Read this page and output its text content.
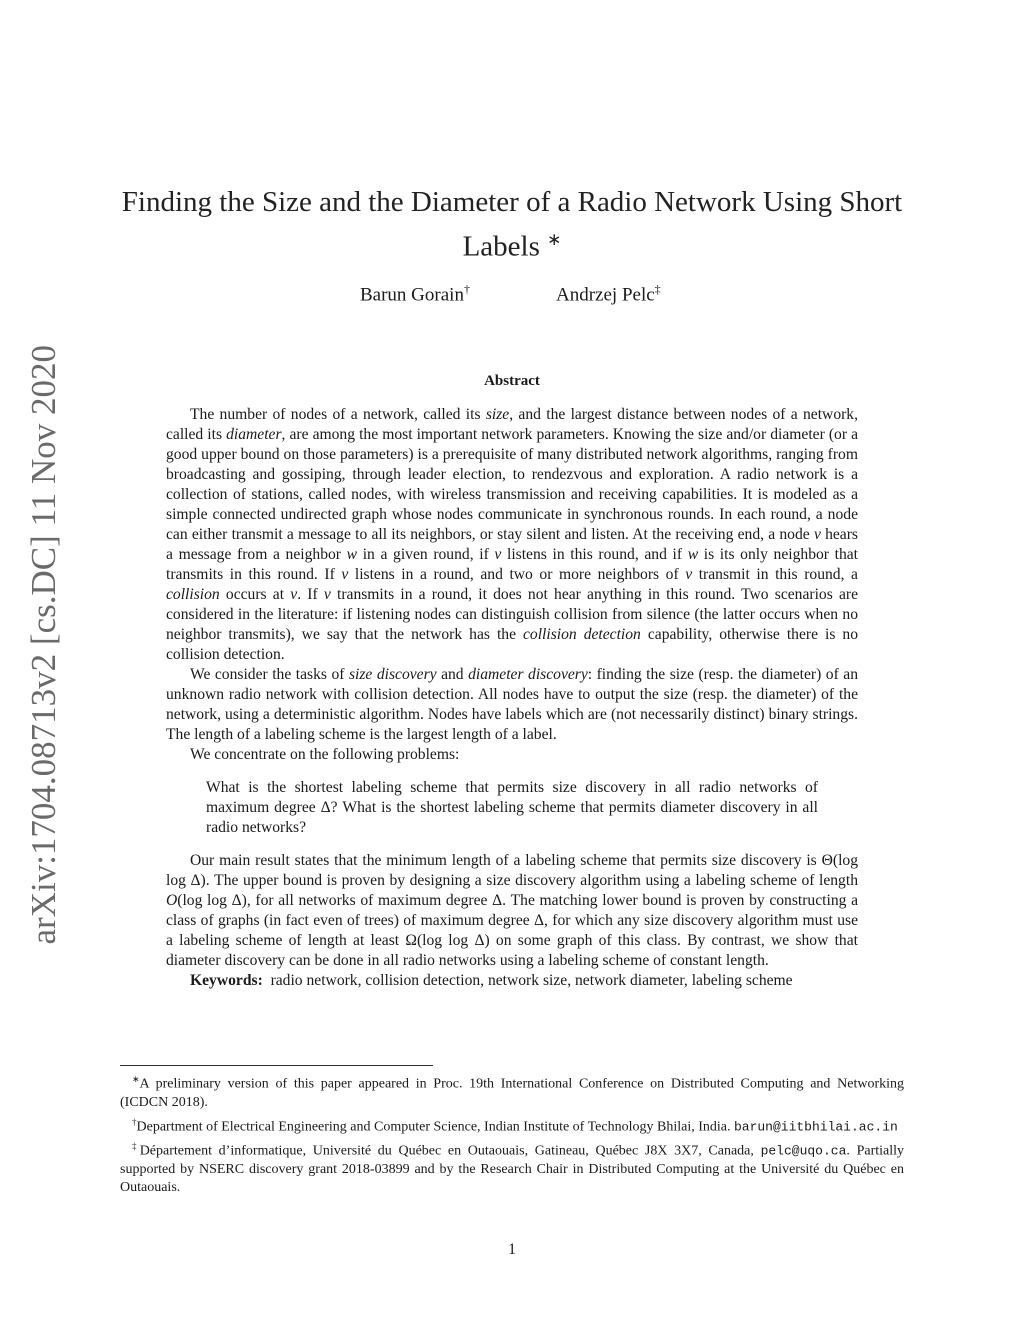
arXiv:1704.08713v2 [cs.DC] 11 Nov 2020
Finding the Size and the Diameter of a Radio Network Using Short Labels ∗
Barun Gorain†	Andrzej Pelc‡
Abstract

The number of nodes of a network, called its size, and the largest distance between nodes of a network, called its diameter, are among the most important network parameters. Knowing the size and/or diameter (or a good upper bound on those parameters) is a prerequisite of many distributed network algorithms, ranging from broadcasting and gossiping, through leader election, to rendezvous and exploration. A radio network is a collection of stations, called nodes, with wireless transmission and receiving capabilities. It is modeled as a simple connected undirected graph whose nodes communicate in synchronous rounds. In each round, a node can either transmit a message to all its neighbors, or stay silent and listen. At the receiving end, a node v hears a message from a neighbor w in a given round, if v listens in this round, and if w is its only neighbor that transmits in this round. If v listens in a round, and two or more neighbors of v transmit in this round, a collision occurs at v. If v transmits in a round, it does not hear anything in this round. Two scenarios are considered in the literature: if listening nodes can distinguish collision from silence (the latter occurs when no neighbor transmits), we say that the network has the collision detection capability, otherwise there is no collision detection.

We consider the tasks of size discovery and diameter discovery: finding the size (resp. the diameter) of an unknown radio network with collision detection. All nodes have to output the size (resp. the diameter) of the network, using a deterministic algorithm. Nodes have labels which are (not necessarily distinct) binary strings. The length of a labeling scheme is the largest length of a label.

We concentrate on the following problems:

What is the shortest labeling scheme that permits size discovery in all radio networks of maximum degree Δ? What is the shortest labeling scheme that permits diameter discovery in all radio networks?

Our main result states that the minimum length of a labeling scheme that permits size discovery is Θ(log log Δ). The upper bound is proven by designing a size discovery algorithm using a labeling scheme of length O(log log Δ), for all networks of maximum degree Δ. The matching lower bound is proven by constructing a class of graphs (in fact even of trees) of maximum degree Δ, for which any size discovery algorithm must use a labeling scheme of length at least Ω(log log Δ) on some graph of this class. By contrast, we show that diameter discovery can be done in all radio networks using a labeling scheme of constant length.

Keywords: radio network, collision detection, network size, network diameter, labeling scheme

∗A preliminary version of this paper appeared in Proc. 19th International Conference on Distributed Computing and Networking (ICDCN 2018).

†Department of Electrical Engineering and Computer Science, Indian Institute of Technology Bhilai, India. barun@iitbhilai.ac.in

‡Département d’informatique, Université du Québec en Outaouais, Gatineau, Québec J8X 3X7, Canada, pelc@uqo.ca. Partially supported by NSERC discovery grant 2018-03899 and by the Research Chair in Distributed Computing at the Université du Québec en Outaouais.

1
